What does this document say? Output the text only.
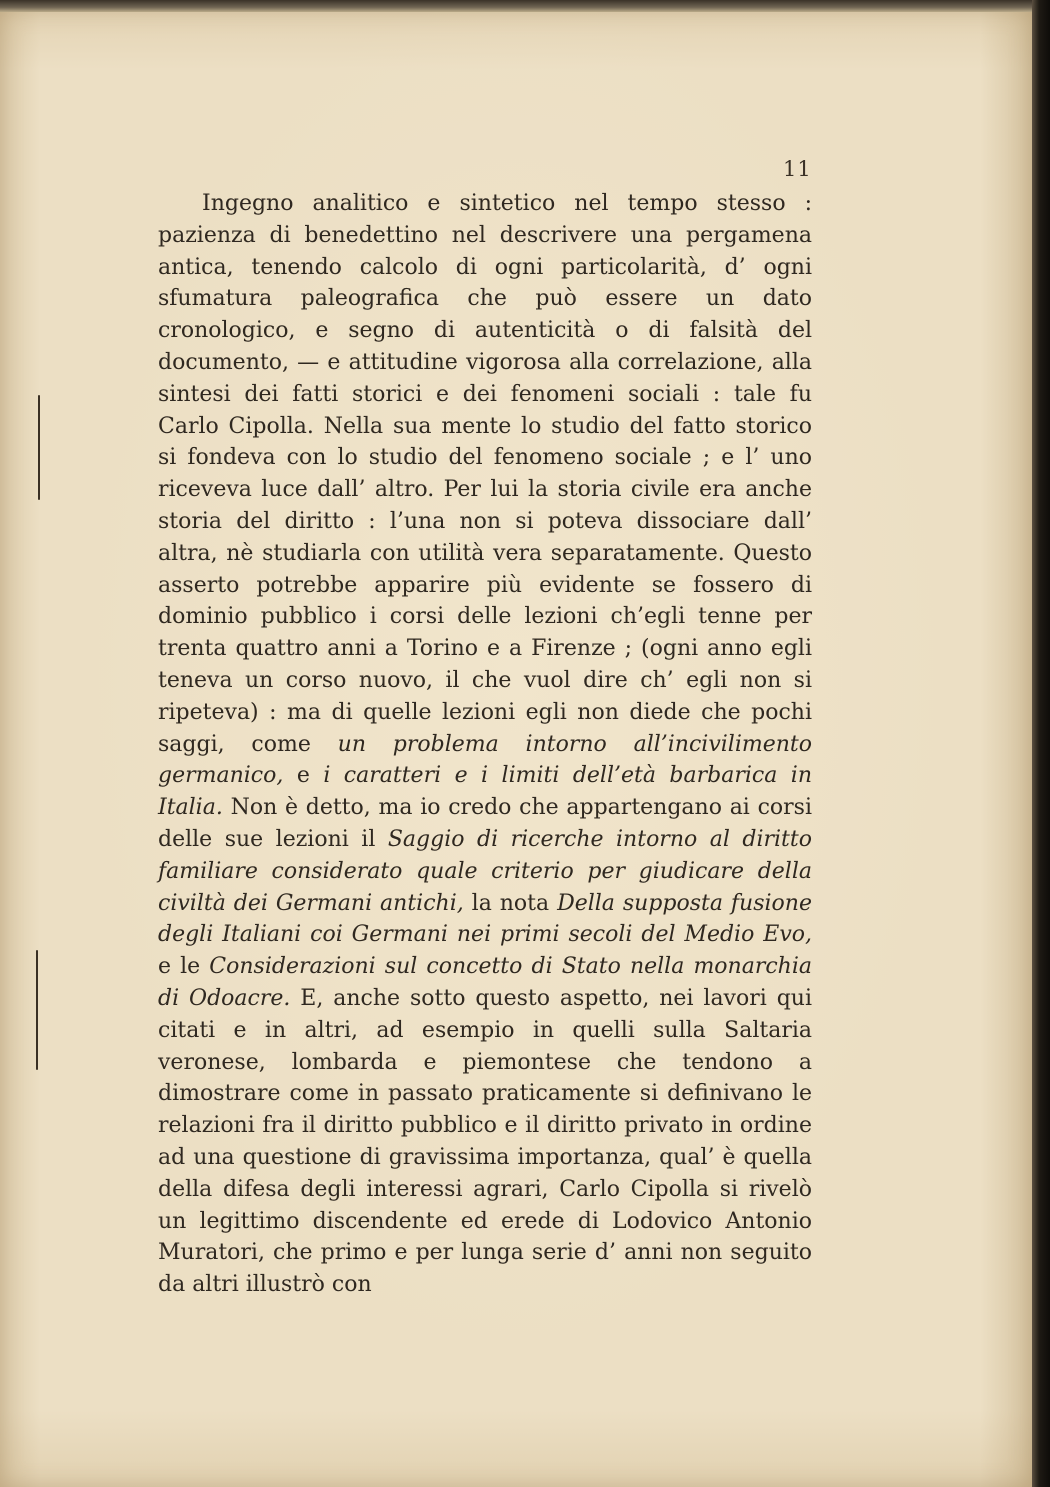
11

Ingegno analitico e sintetico nel tempo stesso : pazienza di benedettino nel descrivere una pergamena antica, tenendo calcolo di ogni particolarità, d’ ogni sfumatura paleografica che può essere un dato cronologico, e segno di autenticità o di falsità del documento, — e attitudine vigorosa alla correlazione, alla sintesi dei fatti storici e dei fenomeni sociali : tale fu Carlo Cipolla. Nella sua mente lo studio del fatto storico si fondeva con lo studio del fenomeno sociale ; e l’ uno riceveva luce dall’ altro. Per lui la storia civile era anche storia del diritto : l’una non si poteva dissociare dall’ altra, nè studiarla con utilità vera separatamente. Questo asserto potrebbe apparire più evidente se fossero di dominio pubblico i corsi delle lezioni ch’egli tenne per trenta quattro anni a Torino e a Firenze ; (ogni anno egli teneva un corso nuovo, il che vuol dire ch’ egli non si ripeteva) : ma di quelle lezioni egli non diede che pochi saggi, come un problema intorno all’incivilimento germanico, e i caratteri e i limiti dell’età barbarica in Italia. Non è detto, ma io credo che appartengano ai corsi delle sue lezioni il Saggio di ricerche intorno al diritto familiare considerato quale criterio per giudicare della civiltà dei Germani antichi, la nota Della supposta fusione degli Italiani coi Germani nei primi secoli del Medio Evo, e le Considerazioni sul concetto di Stato nella monarchia di Odoacre. E, anche sotto questo aspetto, nei lavori qui citati e in altri, ad esempio in quelli sulla Saltaria veronese, lombarda e piemontese che tendono a dimostrare come in passato praticamente si definivano le relazioni fra il diritto pubblico e il diritto privato in ordine ad una questione di gravissima importanza, qual’ è quella della difesa degli interessi agrari, Carlo Cipolla si rivelò un legittimo discendente ed erede di Lodovico Antonio Muratori, che primo e per lunga serie d’ anni non seguito da altri illustrò con
